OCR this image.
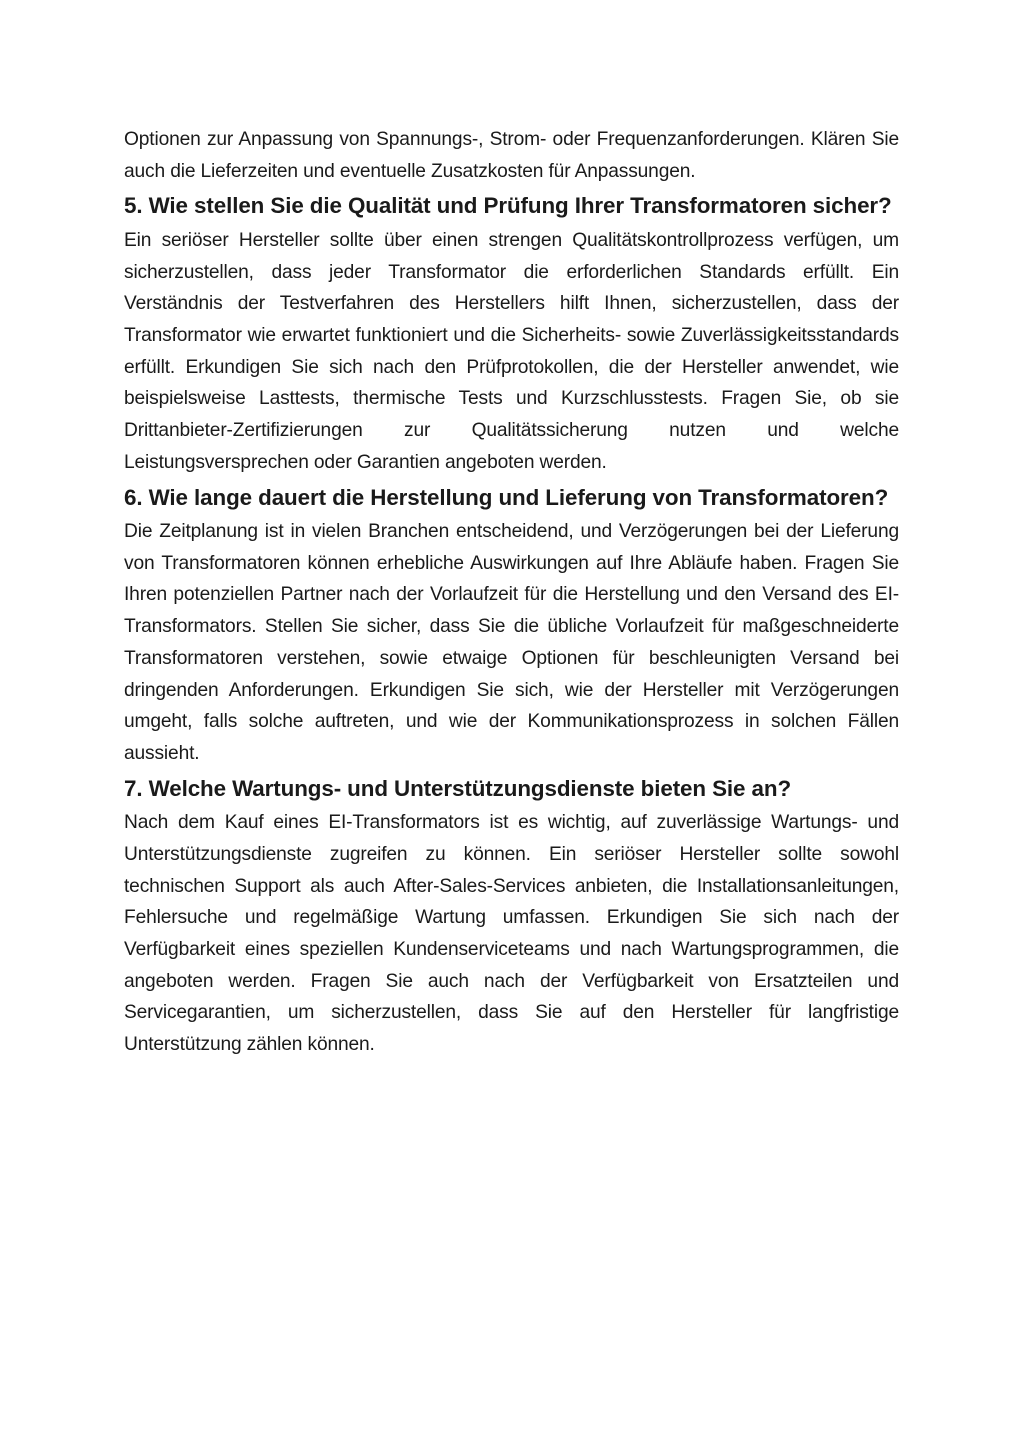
Optionen zur Anpassung von Spannungs-, Strom- oder Frequenzanforderungen. Klären Sie auch die Lieferzeiten und eventuelle Zusatzkosten für Anpassungen.

5. Wie stellen Sie die Qualität und Prüfung Ihrer Transformatoren sicher?

Ein seriöser Hersteller sollte über einen strengen Qualitätskontrollprozess verfügen, um sicherzustellen, dass jeder Transformator die erforderlichen Standards erfüllt. Ein Verständnis der Testverfahren des Herstellers hilft Ihnen, sicherzustellen, dass der Transformator wie erwartet funktioniert und die Sicherheits- sowie Zuverlässigkeitsstandards erfüllt. Erkundigen Sie sich nach den Prüfprotokollen, die der Hersteller anwendet, wie beispielsweise Lasttests, thermische Tests und Kurzschlusstests. Fragen Sie, ob sie Drittanbieter-Zertifizierungen zur Qualitätssicherung nutzen und welche Leistungsversprechen oder Garantien angeboten werden.

6. Wie lange dauert die Herstellung und Lieferung von Transformatoren?

Die Zeitplanung ist in vielen Branchen entscheidend, und Verzögerungen bei der Lieferung von Transformatoren können erhebliche Auswirkungen auf Ihre Abläufe haben. Fragen Sie Ihren potenziellen Partner nach der Vorlaufzeit für die Herstellung und den Versand des EI-Transformators. Stellen Sie sicher, dass Sie die übliche Vorlaufzeit für maßgeschneiderte Transformatoren verstehen, sowie etwaige Optionen für beschleunigten Versand bei dringenden Anforderungen. Erkundigen Sie sich, wie der Hersteller mit Verzögerungen umgeht, falls solche auftreten, und wie der Kommunikationsprozess in solchen Fällen aussieht.

7. Welche Wartungs- und Unterstützungsdienste bieten Sie an?

Nach dem Kauf eines EI-Transformators ist es wichtig, auf zuverlässige Wartungs- und Unterstützungsdienste zugreifen zu können. Ein seriöser Hersteller sollte sowohl technischen Support als auch After-Sales-Services anbieten, die Installationsanleitungen, Fehlersuche und regelmäßige Wartung umfassen. Erkundigen Sie sich nach der Verfügbarkeit eines speziellen Kundenserviceteams und nach Wartungsprogrammen, die angeboten werden. Fragen Sie auch nach der Verfügbarkeit von Ersatzteilen und Servicegarantien, um sicherzustellen, dass Sie auf den Hersteller für langfristige Unterstützung zählen können.
